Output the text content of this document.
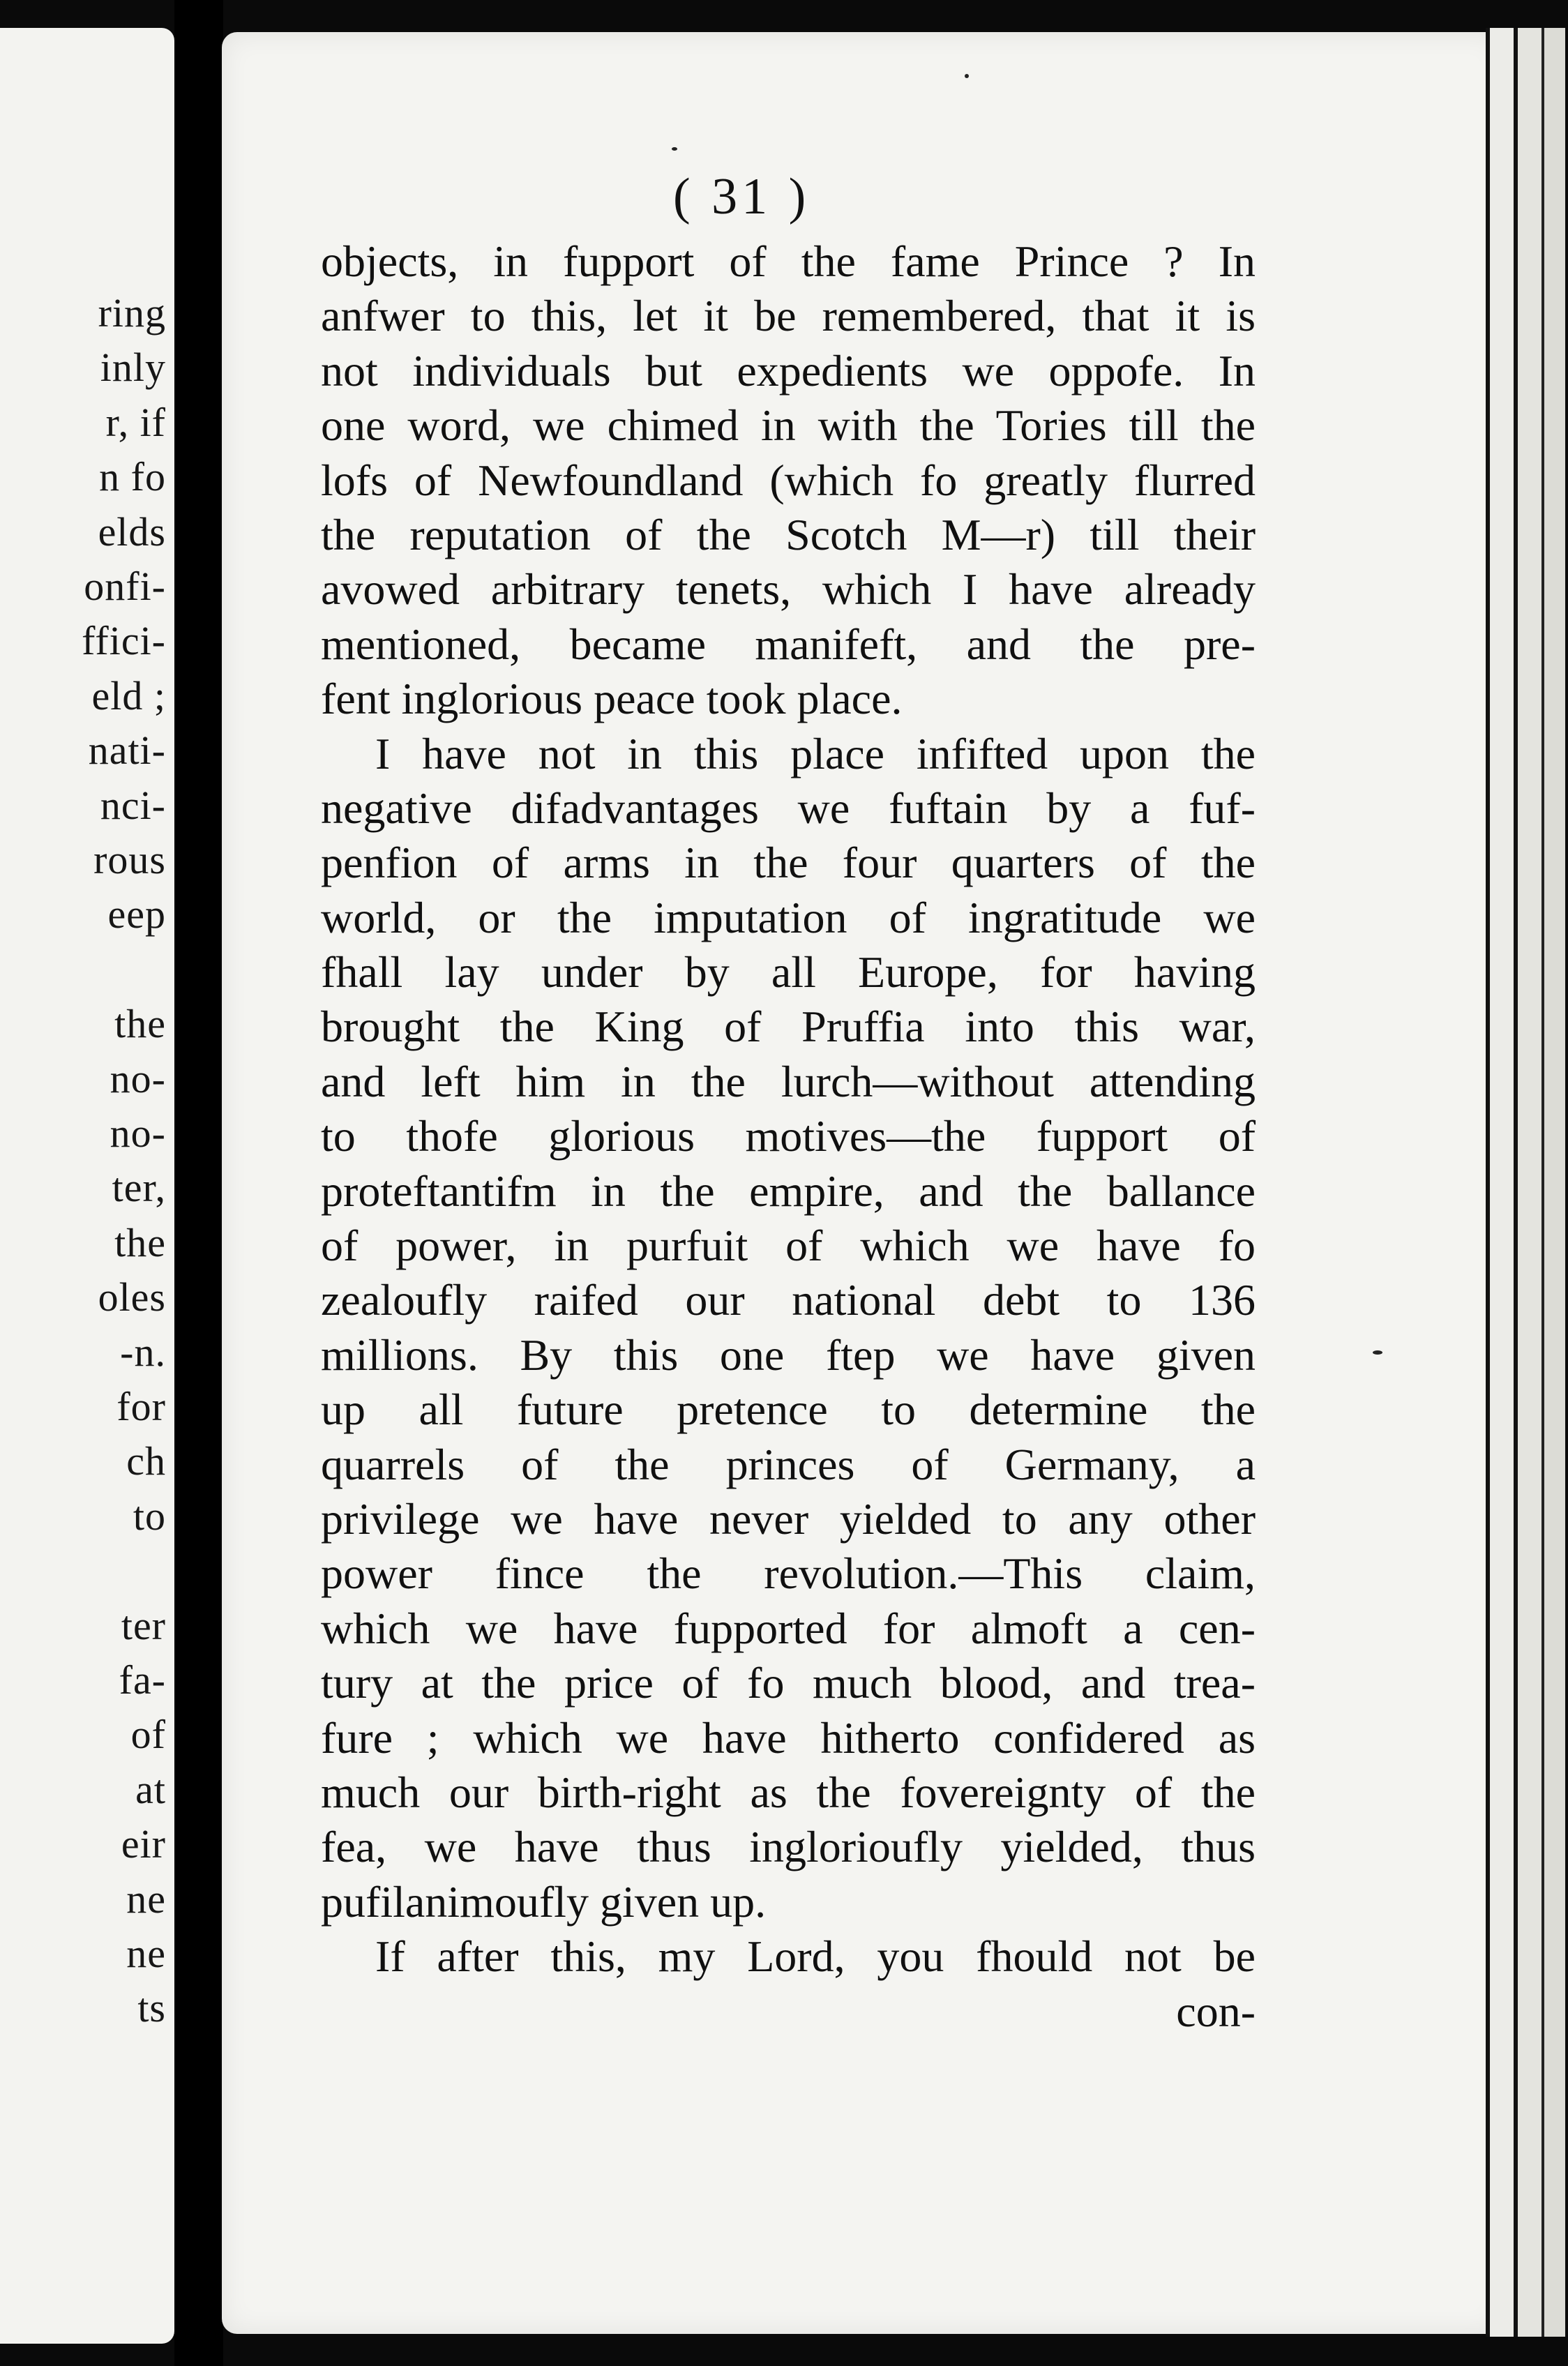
ring
inly
r, if
n fo
elds
onfi-
ffici-
eld ;
nati-
nci-
rous
eep
the
no-
no-
ter,
the
oles
-n.
for
ch
to
ter
fa-
of
at
eir
ne
ne
ts
( 31 )
objects, in fupport of the fame Prince ? In
anfwer to this, let it be remembered, that it is
not individuals but expedients we oppofe. In
one word, we chimed in with the Tories till the
lofs of Newfoundland (which fo greatly flurred
the reputation of the Scotch M—r) till their
avowed arbitrary tenets, which I have already
mentioned, became manifeft, and the pre-
fent inglorious peace took place.
I have not in this place infifted upon the
negative difadvantages we fuftain by a fuf-
penfion of arms in the four quarters of the
world, or the imputation of ingratitude we
fhall lay under by all Europe, for having
brought the King of Pruffia into this war,
and left him in the lurch—without attending
to thofe glorious motives—the fupport of
proteftantifm in the empire, and the ballance
of power, in purfuit of which we have fo
zealoufly raifed our national debt to 136
millions. By this one ftep we have given
up all future pretence to determine the
quarrels of the princes of Germany, a
privilege we have never yielded to any other
power fince the revolution.—This claim,
which we have fupported for almoft a cen-
tury at the price of fo much blood, and trea-
fure ; which we have hitherto confidered as
much our birth-right as the fovereignty of the
fea, we have thus inglorioufly yielded, thus
pufilanimoufly given up.
If after this, my Lord, you fhould not be
con-
